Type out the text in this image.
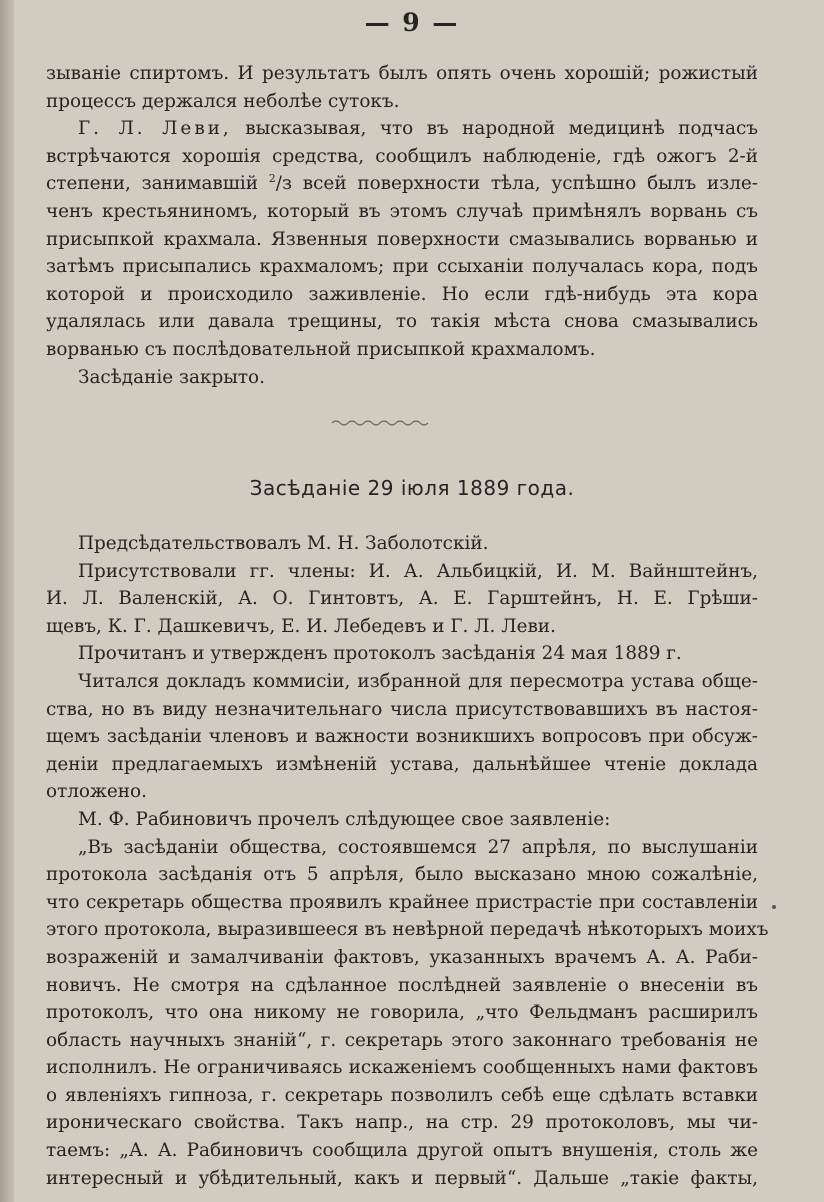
— 9 —
зываніе спиртомъ. И результатъ былъ опять очень хорошій; рожистый
процессъ держался неболѣе сутокъ.
Г. Л. Леви, высказывая, что въ народной медицинѣ подчасъ
встрѣчаются хорошія средства, сообщилъ наблюденіе, гдѣ ожогъ 2-й
степени, занимавшій $^2$/з всей поверхности тѣла, успѣшно былъ изле-
ченъ крестьяниномъ, который въ этомъ случаѣ примѣнялъ ворвань съ
присыпкой крахмала. Язвенныя поверхности смазывались ворванью и
затѣмъ присыпались крахмаломъ; при ссыханіи получалась кора, подъ
которой и происходило заживленіе. Но если гдѣ-нибудь эта кора
удалялась или давала трещины, то такія мѣста снова смазывались
ворванью съ послѣдовательной присыпкой крахмаломъ.
Засѣданіе закрыто.
Засѣданіе 29 іюля 1889 года.
Предсѣдательствовалъ М. Н. Заболотскій.
Присутствовали гг. члены: И. А. Альбицкій, И. М. Вайнштейнъ,
И. Л. Валенскій, А. О. Гинтовтъ, А. Е. Гарштейнъ, Н. Е. Грѣши-
щевъ, К. Г. Дашкевичъ, Е. И. Лебедевъ и Г. Л. Леви.
Прочитанъ и утвержденъ протоколъ засѣданія 24 мая 1889 г.
Читался докладъ коммисіи, избранной для пересмотра устава обще-
ства, но въ виду незначительнаго числа присутствовавшихъ въ настоя-
щемъ засѣданіи членовъ и важности возникшихъ вопросовъ при обсуж-
деніи предлагаемыхъ измѣненій устава, дальнѣйшее чтеніе доклада
отложено.
М. Ф. Рабиновичъ прочелъ слѣдующее свое заявленіе:
„Въ засѣданіи общества, состоявшемся 27 апрѣля, по выслушаніи
протокола засѣданія отъ 5 апрѣля, было высказано мною сожалѣніе,
что секретарь общества проявилъ крайнее пристрастіе при составленіи
этого протокола, выразившееся въ невѣрной передачѣ нѣкоторыхъ моихъ
возраженій и замалчиваніи фактовъ, указанныхъ врачемъ А. А. Раби-
новичъ. Не смотря на сдѣланное послѣдней заявленіе о внесеніи въ
протоколъ, что она никому не говорила, „что Фельдманъ расширилъ
область научныхъ знаній“, г. секретарь этого законнаго требованія не
исполнилъ. Не ограничиваясь искаженіемъ сообщенныхъ нами фактовъ
о явленіяхъ гипноза, г. секретарь позволилъ себѣ еще сдѣлать вставки
ироническаго свойства. Такъ напр., на стр. 29 протоколовъ, мы чи-
таемъ: „А. А. Рабиновичъ сообщила другой опытъ внушенія, столь же
интересный и убѣдительный, какъ и первый“. Дальше „такіе факты,
